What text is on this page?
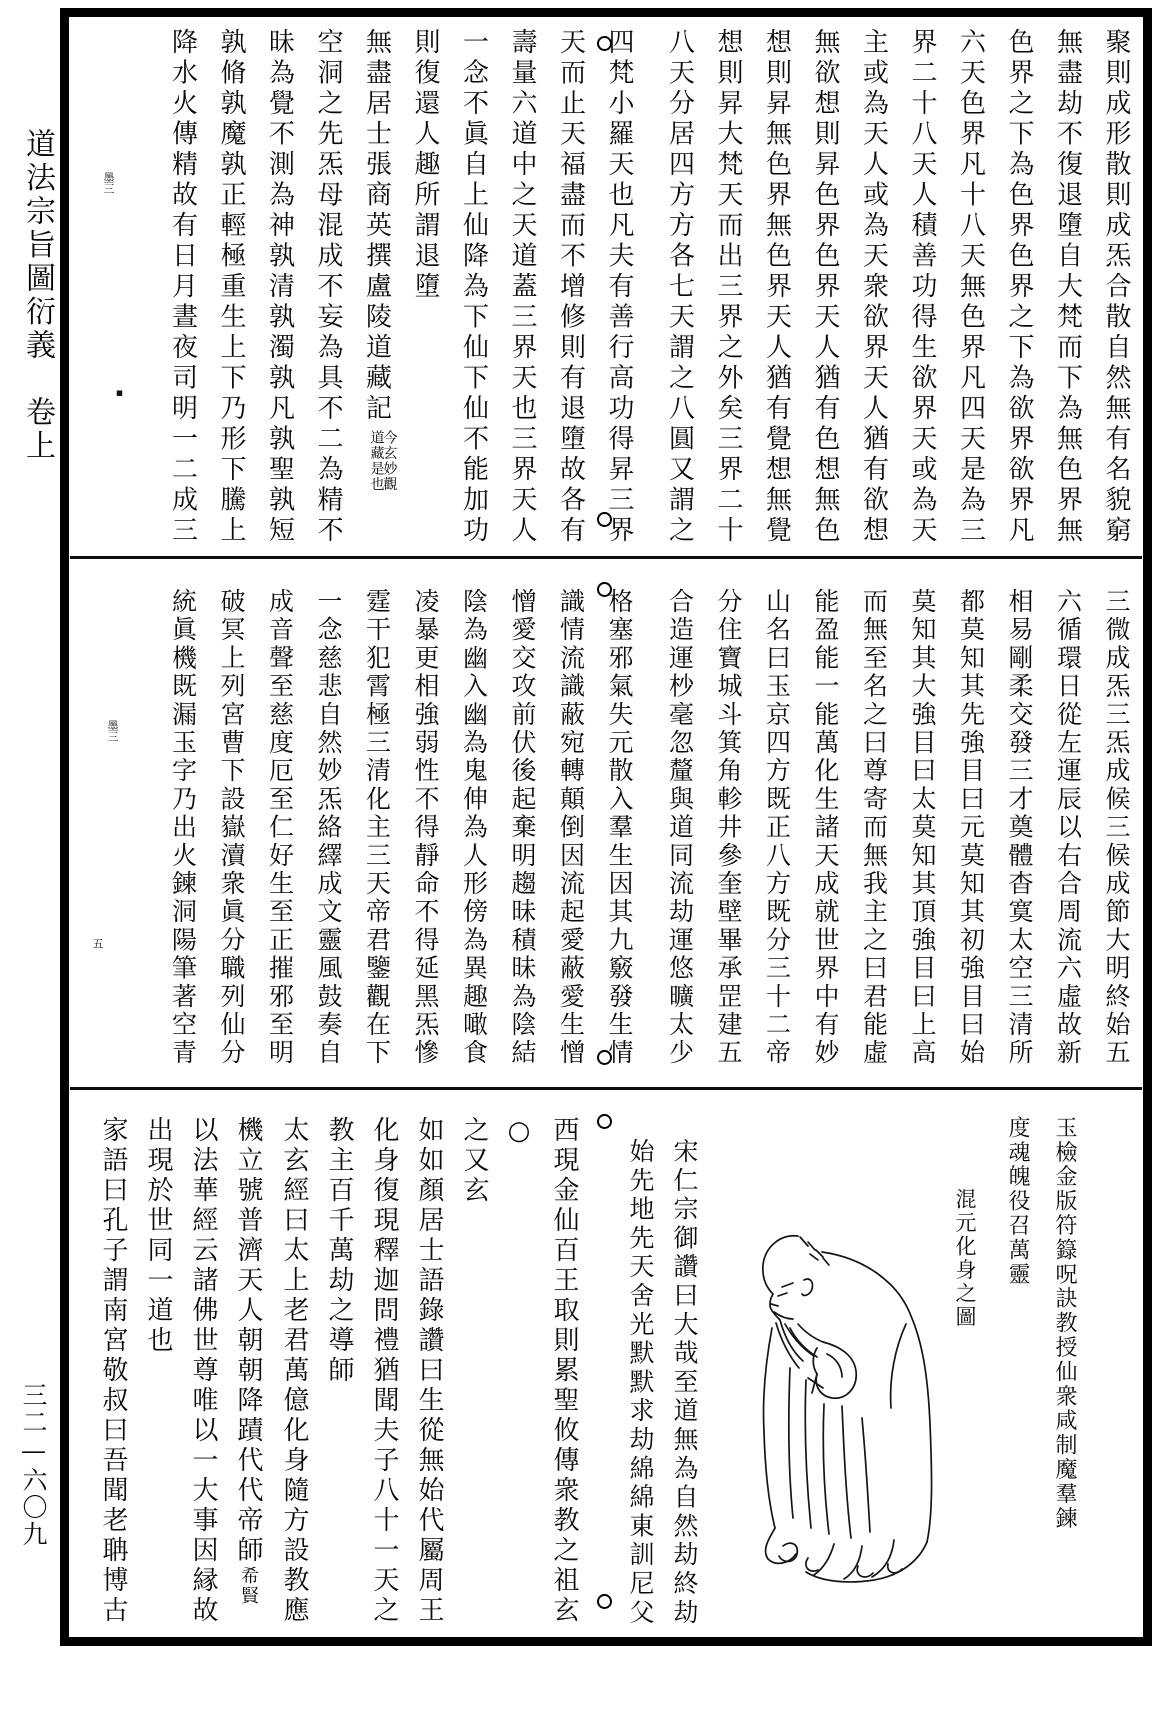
道法宗旨圖衍義　卷上
三二—六〇九
墨三
▪
墨三
五
聚則成形散則成炁合散自然無有名貌窮
無盡劫不復退墮自大梵而下為無色界無
色界之下為色界色界之下為欲界欲界凡
六天色界凡十八天無色界凡四天是為三
界二十八天人積善功得生欲界天或為天
主或為天人或為天衆欲界天人猶有欲想
無欲想則昇色界色界天人猶有色想無色
想則昇無色界無色界天人猶有覺想無覺
想則昇大梵天而出三界之外矣三界二十
八天分居四方方各七天謂之八圓又謂之
四梵小羅天也凡夫有善行高功得昇三界
天而止天福盡而不增修則有退墮故各有
壽量六道中之天道蓋三界天也三界天人
一念不眞自上仙降為下仙下仙不能加功
則復還人趣所謂退墮
無盡居士張商英撰盧陵道藏記
今玄妙觀
道藏是也
空洞之先炁母混成不妄為具不二為精不
昧為覺不測為神孰清孰濁孰凡孰聖孰短
孰脩孰魔孰正輕極重生上下乃形下騰上
降水火傳精故有日月晝夜司明一二成三
三微成炁三炁成候三候成節大明終始五
六循環日從左運辰以右合周流六虛故新
相易剛柔交發三才奠體杳寞太空三清所
都莫知其先強目曰元莫知其初強目曰始
莫知其大強目曰太莫知其頂強目曰上高
而無至名之曰尊寄而無我主之曰君能虛
能盈能一能萬化生諸天成就世界中有妙
山名曰玉京四方既正八方既分三十二帝
分住寶城斗箕角軫井參奎壁畢承罡建五
合造運杪毫忽釐與道同流劫運悠曠太少
格塞邪氣失元散入羣生因其九竅發生情
識情流識蔽宛轉顛倒因流起愛蔽愛生憎
憎愛交攻前伏後起棄明趨昧積昧為陰結
陰為幽入幽為鬼伸為人形傍為異趣噉食
凌暴更相強弱性不得靜命不得延黑炁慘
霆干犯霄極三清化主三天帝君鑒觀在下
一念慈悲自然妙炁絡繹成文靈風鼓奏自
成音聲至慈度厄至仁好生至正摧邪至明
破冥上列宮曹下設嶽瀆衆眞分職列仙分
統眞機既漏玉字乃出火鍊洞陽筆著空青
玉檢金版符籙呪訣教授仙衆咸制魔羣鍊
度魂魄役召萬靈
宋仁宗御讚曰大哉至道無為自然劫終劫
始先地先天舍光默默求劫綿綿東訓尼父
西現金仙百王取則累聖攸傳衆教之祖玄○
之又玄
如如顏居士語錄讚曰生從無始代屬周王
化身復現釋迦問禮猶聞夫子八十一天之
教主百千萬劫之導師
太玄經曰太上老君萬億化身隨方設教應
機立號普濟天人朝朝降蹟代代帝師希賢
以法華經云諸佛世尊唯以一大事因縁故
出現於世同一道也
家語曰孔子謂南宮敬叔曰吾聞老聃博古	混元化身之圖
